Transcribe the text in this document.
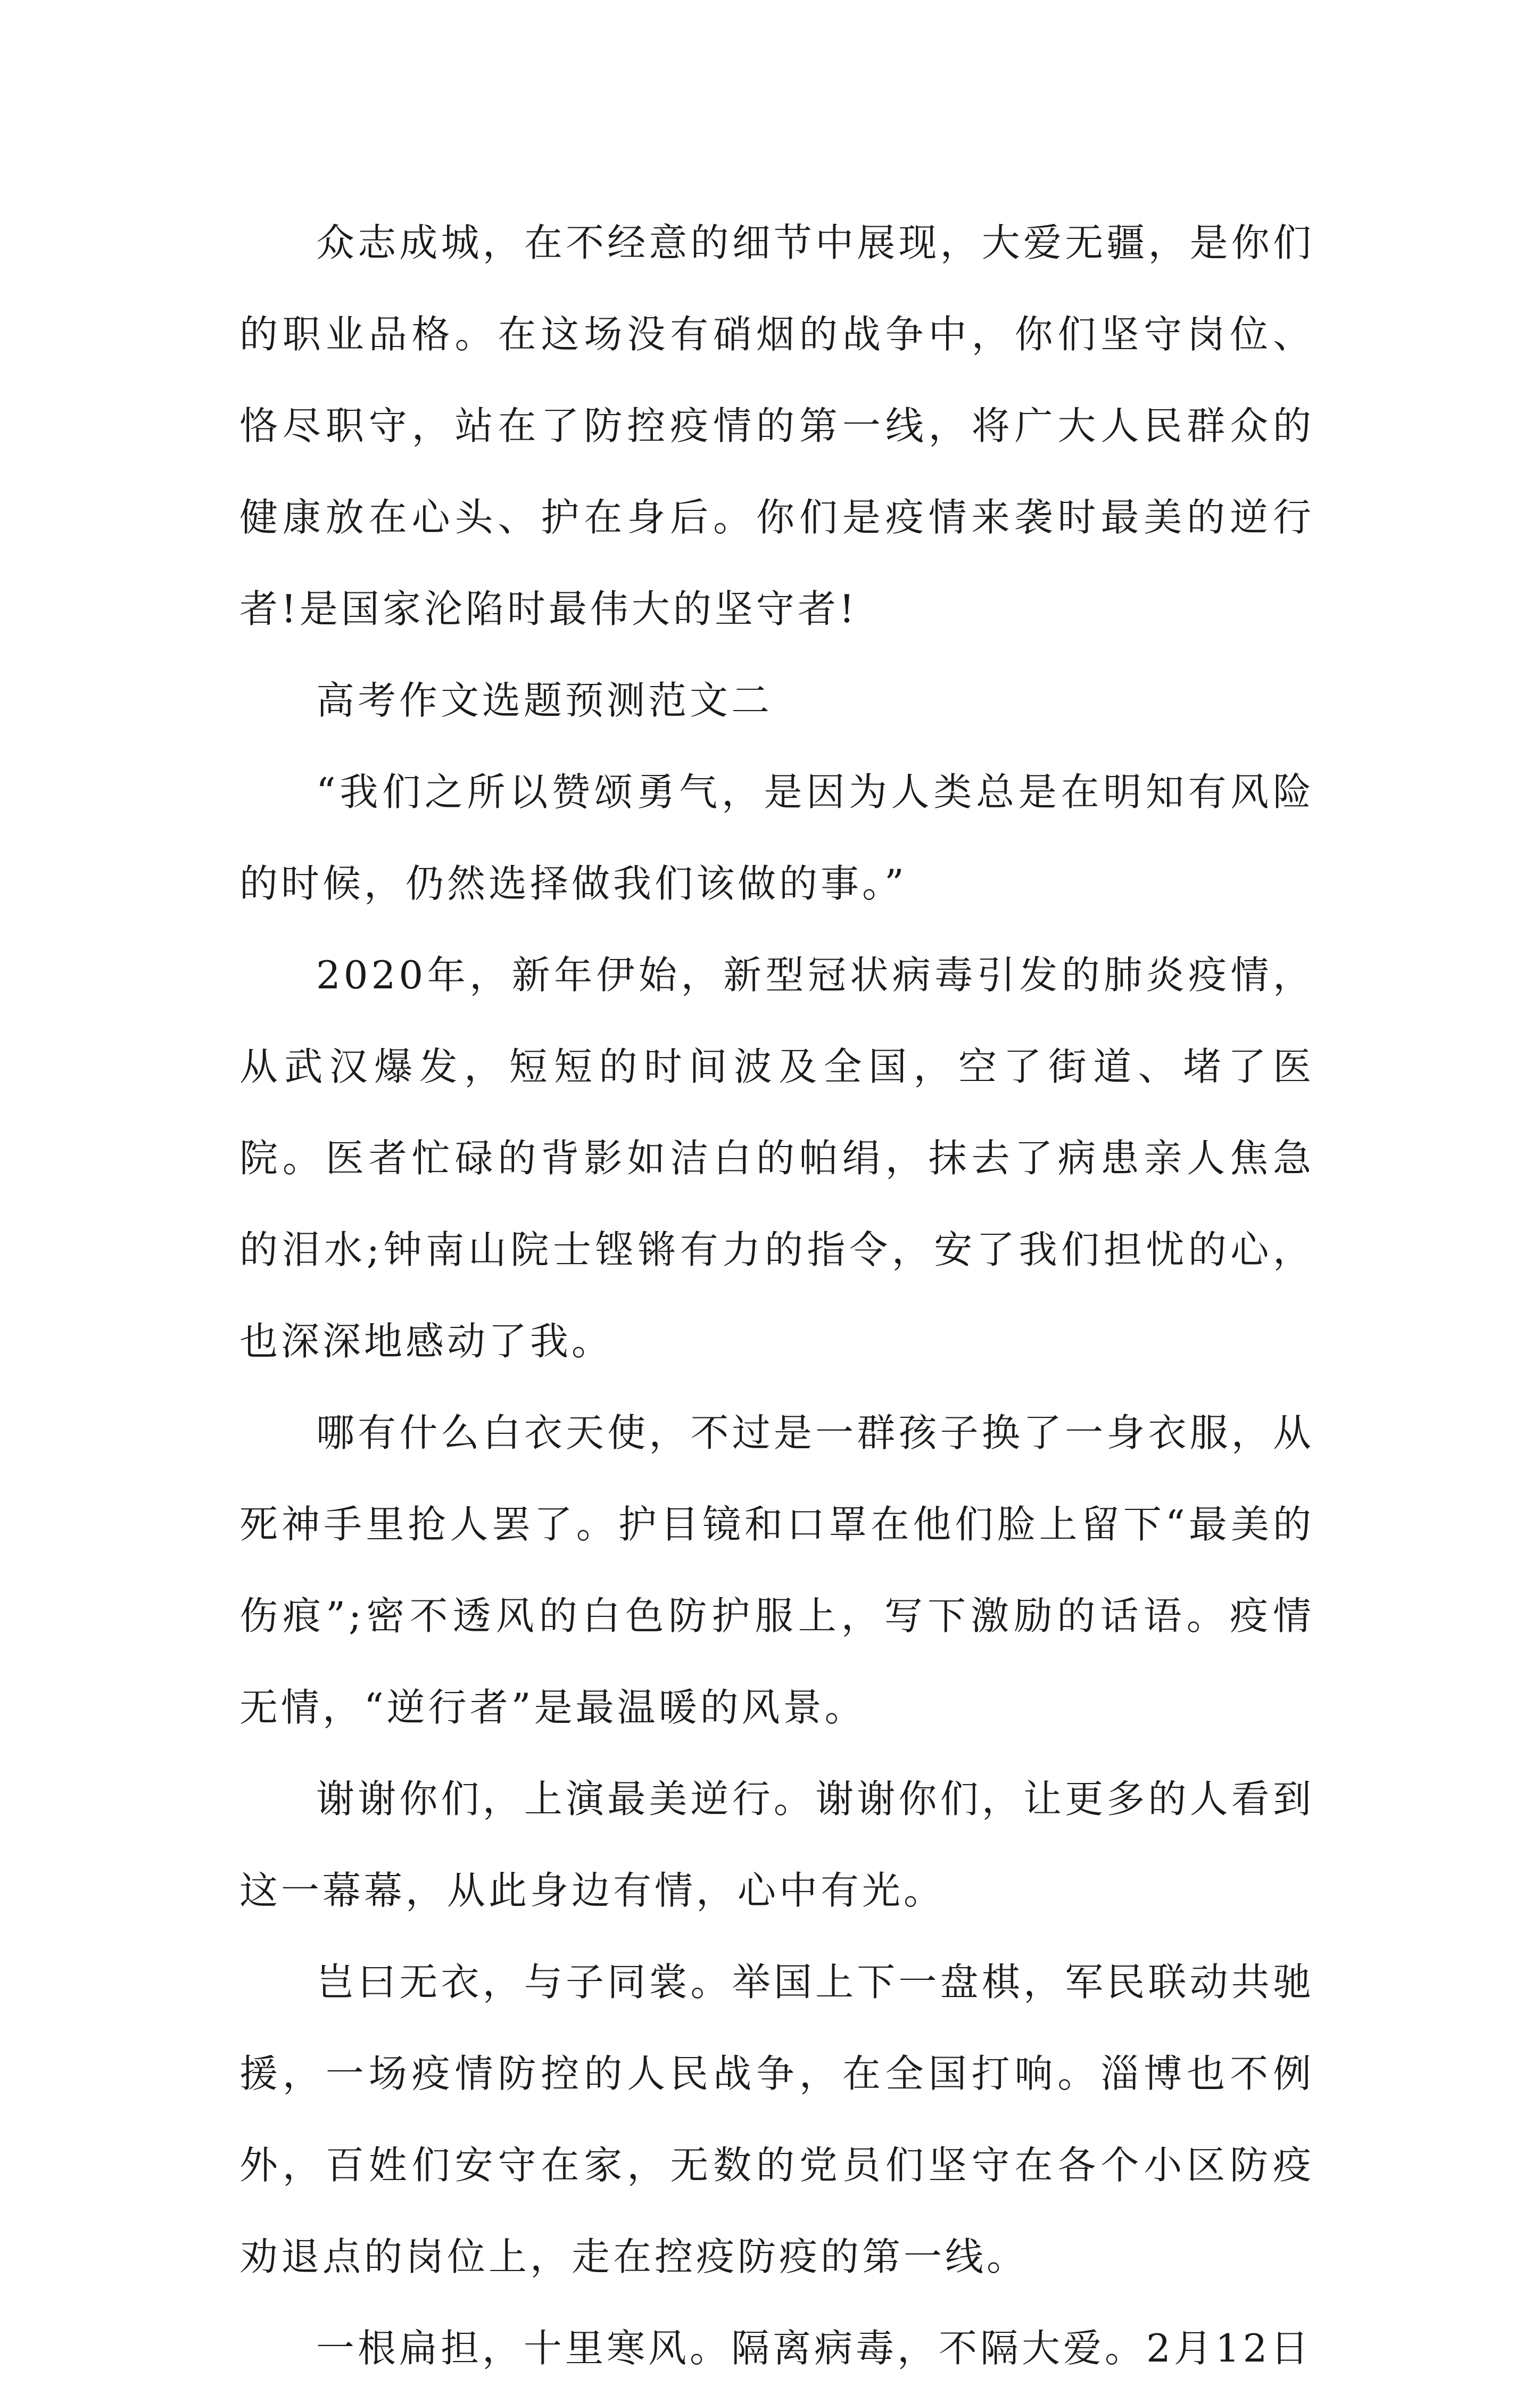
众志成城，在不经意的细节中展现，大爱无疆，是你们的职业品格。在这场没有硝烟的战争中，你们坚守岗位、恪尽职守，站在了防控疫情的第一线，将广大人民群众的健康放在心头、护在身后。你们是疫情来袭时最美的逆行者!是国家沦陷时最伟大的坚守者!

高考作文选题预测范文二

“我们之所以赞颂勇气，是因为人类总是在明知有风险的时候，仍然选择做我们该做的事。”

2020年，新年伊始，新型冠状病毒引发的肺炎疫情，从武汉爆发，短短的时间波及全国，空了街道、堵了医院。医者忙碌的背影如洁白的帕绢，抹去了病患亲人焦急的泪水;钟南山院士铿锵有力的指令，安了我们担忧的心，也深深地感动了我。

哪有什么白衣天使，不过是一群孩子换了一身衣服，从死神手里抢人罢了。护目镜和口罩在他们脸上留下“最美的伤痕”;密不透风的白色防护服上，写下激励的话语。疫情无情，“逆行者”是最温暖的风景。

谢谢你们，上演最美逆行。谢谢你们，让更多的人看到这一幕幕，从此身边有情，心中有光。

岂曰无衣，与子同裳。举国上下一盘棋，军民联动共驰援，一场疫情防控的人民战争，在全国打响。淄博也不例外，百姓们安守在家，无数的党员们坚守在各个小区防疫劝退点的岗位上，走在控疫防疫的第一线。

一根扁担，十里寒风。隔离病毒，不隔大爱。2月12日
